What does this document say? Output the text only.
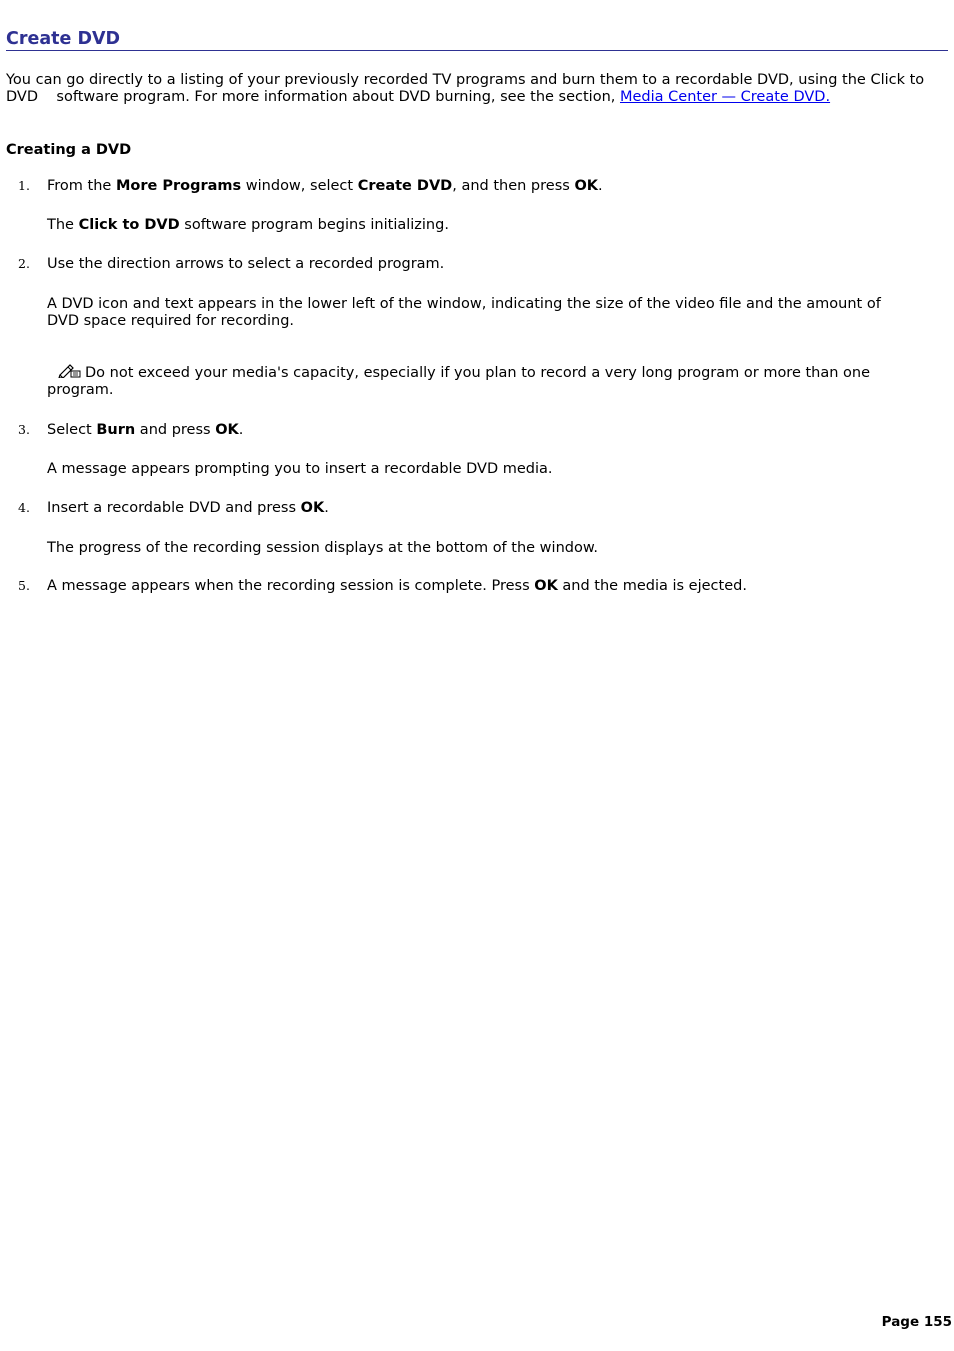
Create DVD

You can go directly to a listing of your previously recorded TV programs and burn them to a recordable DVD, using the Click to DVD    software program. For more information about DVD burning, see the section, Media Center — Create DVD.

Creating a DVD
1. From the More Programs window, select Create DVD, and then press OK.

The Click to DVD software program begins initializing.

2. Use the direction arrows to select a recorded program.

A DVD icon and text appears in the lower left of the window, indicating the size of the video file and the amount of DVD space required for recording.

Do not exceed your media's capacity, especially if you plan to record a very long program or more than one program.

3. Select Burn and press OK.

A message appears prompting you to insert a recordable DVD media.

4. Insert a recordable DVD and press OK.

The progress of the recording session displays at the bottom of the window.

5. A message appears when the recording session is complete. Press OK and the media is ejected.

Page 155
